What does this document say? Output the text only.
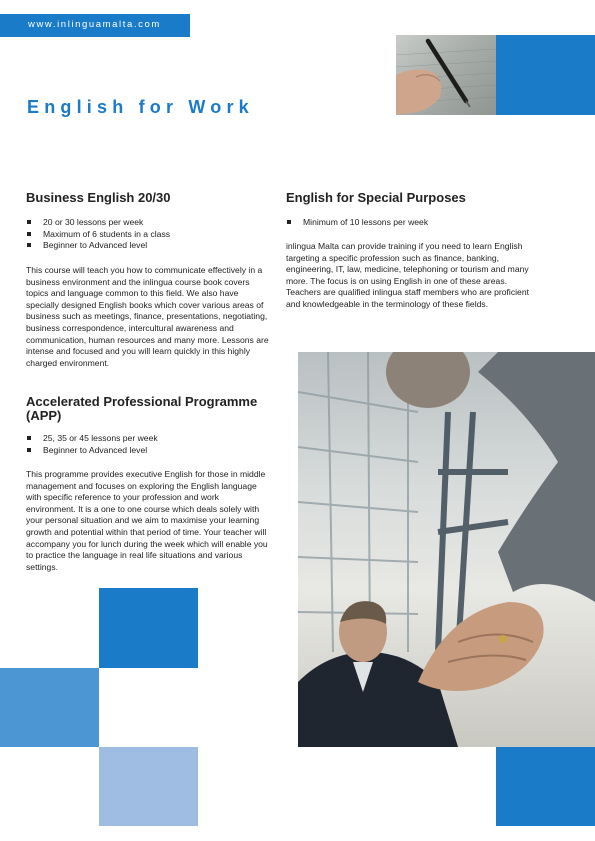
www.inlinguamalta.com
English for Work
Business English 20/30
20 or 30 lessons per week
Maximum of 6 students in a class
Beginner to Advanced level

This course will teach you how to communicate effectively in a business environment and the inlingua course book covers topics and language common to this field. We also have specially designed English books which cover various areas of business such as meetings, finance, presentations, negotiating, business correspondence, intercultural awareness and communication, human resources and many more. Lessons are intense and focused and you will learn quickly in this highly charged environment.

Accelerated Professional Programme (APP)
25, 35 or 45 lessons per week
Beginner to Advanced level

This programme provides executive English for those in middle management and focuses on exploring the English language with specific reference to your profession and work environment. It is a one to one course which deals solely with your personal situation and we aim to maximise your learning growth and potential within that period of time. Your teacher will accompany you for lunch during the week which will enable you to practice the language in real life situations and various settings.

English for Special Purposes
Minimum of 10 lessons per week

inlingua Malta can provide training if you need to learn English targeting a specific profession such as finance, banking, engineering, IT, law, medicine, telephoning or tourism and many more. The focus is on using English in one of these areas. Teachers are qualified inlingua staff members who are proficient and knowledgeable in the terminology of these fields.
